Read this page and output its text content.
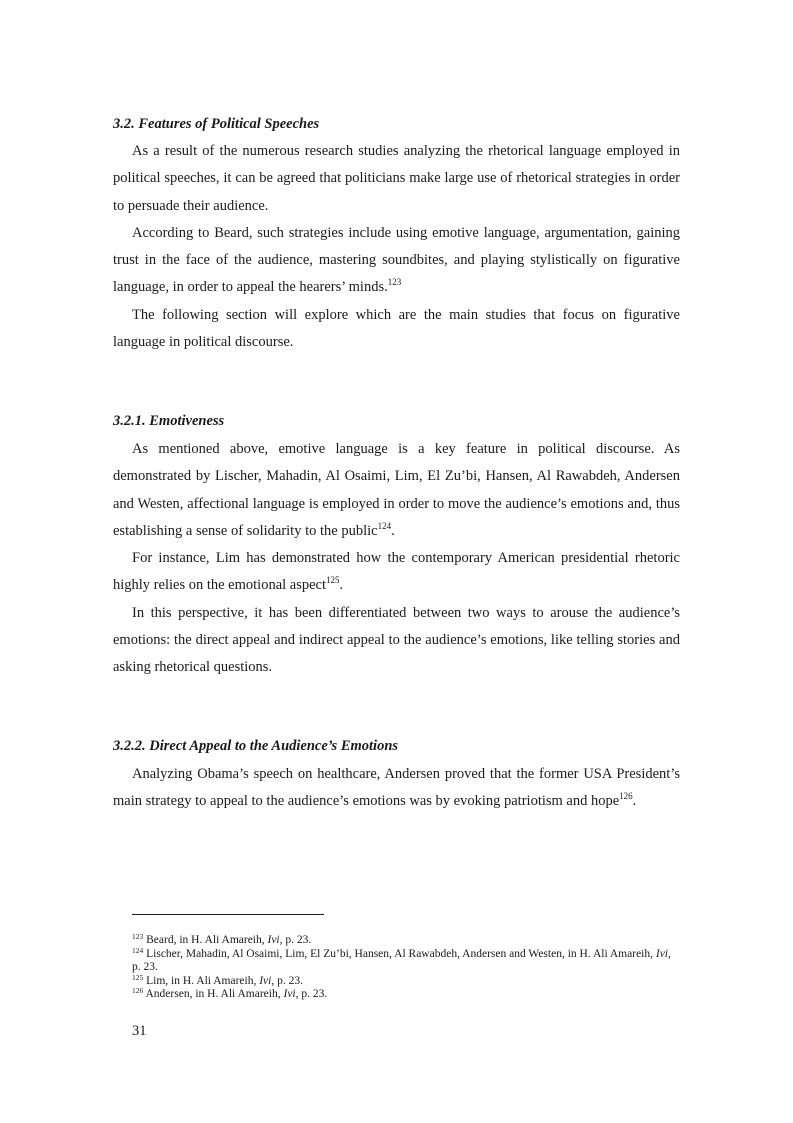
3.2. Features of Political Speeches

As a result of the numerous research studies analyzing the rhetorical language employed in political speeches, it can be agreed that politicians make large use of rhetorical strategies in order to persuade their audience.

According to Beard, such strategies include using emotive language, argumentation, gaining trust in the face of the audience, mastering soundbites, and playing stylistically on figurative language, in order to appeal the hearers’ minds.$^{123}$

The following section will explore which are the main studies that focus on figurative language in political discourse.

3.2.1. Emotiveness

As mentioned above, emotive language is a key feature in political discourse. As demonstrated by Lischer, Mahadin, Al Osaimi, Lim, El Zu’bi, Hansen, Al Rawabdeh, Andersen and Westen, affectional language is employed in order to move the audience’s emotions and, thus establishing a sense of solidarity to the public$^{124}$.

For instance, Lim has demonstrated how the contemporary American presidential rhetoric highly relies on the emotional aspect$^{125}$.

In this perspective, it has been differentiated between two ways to arouse the audience’s emotions: the direct appeal and indirect appeal to the audience’s emotions, like telling stories and asking rhetorical questions.

3.2.2. Direct Appeal to the Audience’s Emotions

Analyzing Obama’s speech on healthcare, Andersen proved that the former USA President’s main strategy to appeal to the audience’s emotions was by evoking patriotism and hope$^{126}$.

$^{123}$ Beard, in H. Ali Amareih, Ivi, p. 23.

$^{124}$ Lischer, Mahadin, Al Osaimi, Lim, El Zu’bi, Hansen, Al Rawabdeh, Andersen and Westen, in H. Ali Amareih, Ivi, p. 23.

$^{125}$ Lim, in H. Ali Amareih, Ivi, p. 23.

$^{126}$ Andersen, in H. Ali Amareih, Ivi, p. 23.

31
